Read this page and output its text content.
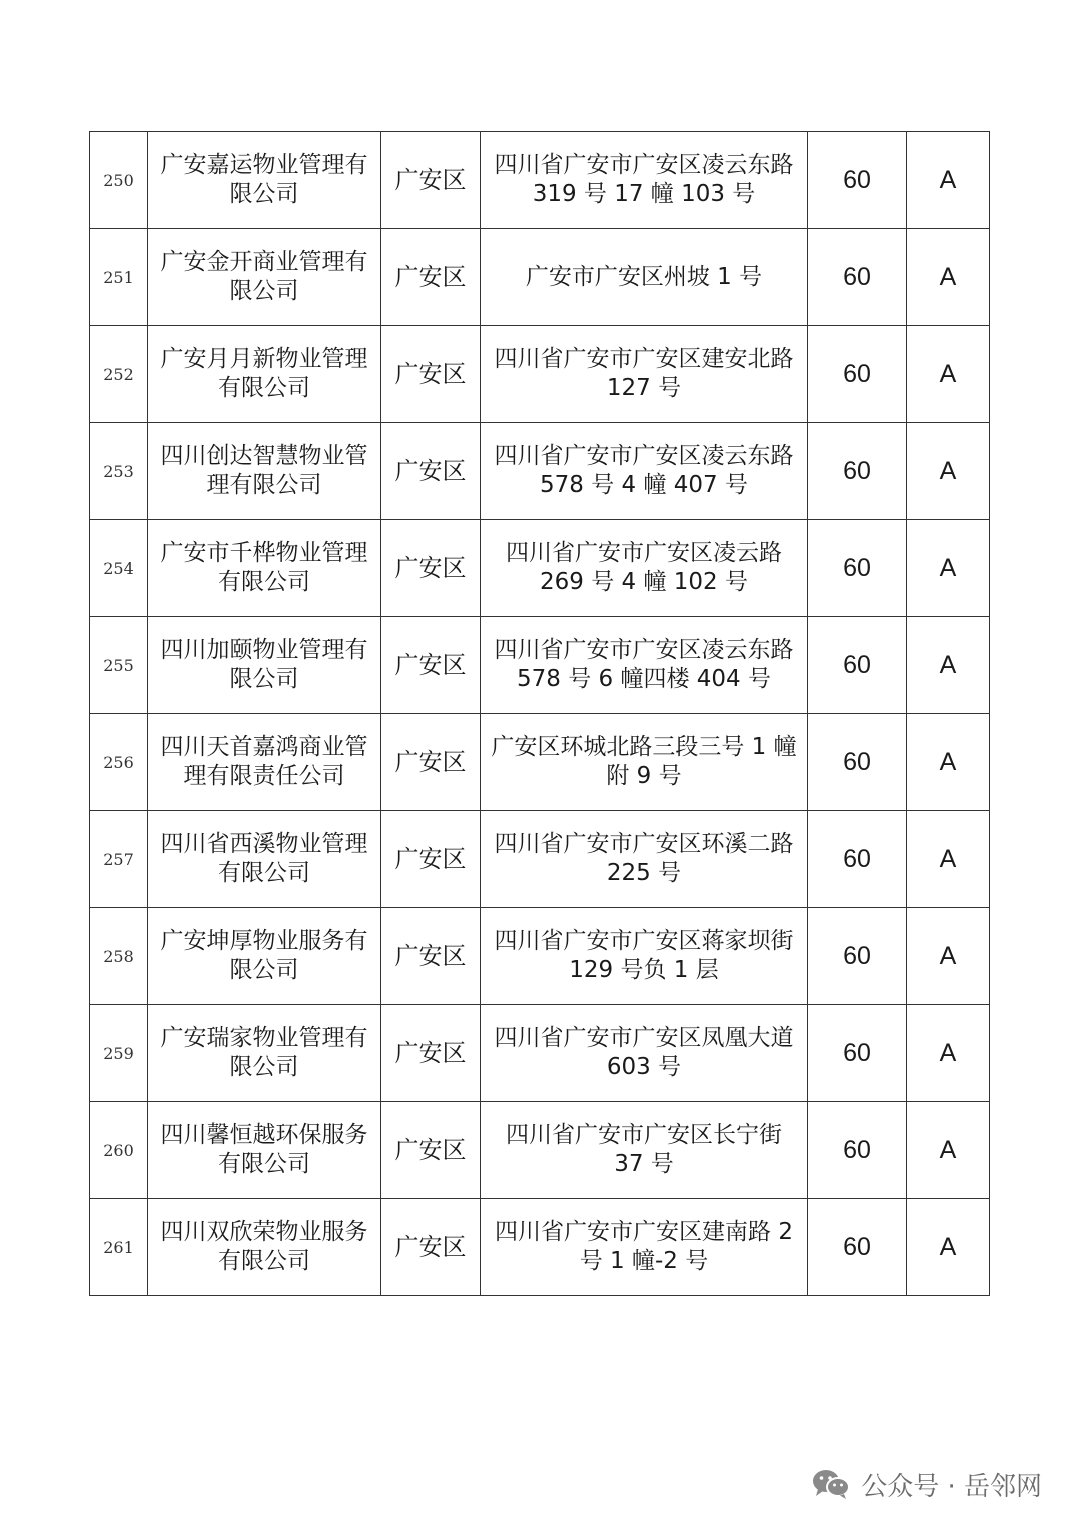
250	广安嘉运物业管理有限公司	广安区	四川省广安市广安区凌云东路 319 号 17 幢 103 号	60	A
251	广安金开商业管理有限公司	广安区	广安市广安区州坡 1 号	60	A
252	广安月月新物业管理有限公司	广安区	四川省广安市广安区建安北路 127 号	60	A
253	四川创达智慧物业管理有限公司	广安区	四川省广安市广安区凌云东路 578 号 4 幢 407 号	60	A
254	广安市千桦物业管理有限公司	广安区	四川省广安市广安区凌云路 269 号 4 幢 102 号	60	A
255	四川加颐物业管理有限公司	广安区	四川省广安市广安区凌云东路 578 号 6 幢四楼 404 号	60	A
256	四川天首嘉鸿商业管理有限责任公司	广安区	广安区环城北路三段三号 1 幢附 9 号	60	A
257	四川省西溪物业管理有限公司	广安区	四川省广安市广安区环溪二路 225 号	60	A
258	广安坤厚物业服务有限公司	广安区	四川省广安市广安区蒋家坝街 129 号负 1 层	60	A
259	广安瑞家物业管理有限公司	广安区	四川省广安市广安区凤凰大道 603 号	60	A
260	四川馨恒越环保服务有限公司	广安区	四川省广安市广安区长宁街 37 号	60	A
261	四川双欣荣物业服务有限公司	广安区	四川省广安市广安区建南路 2 号 1 幢-2 号	60	A
公众号 · 岳邻网
